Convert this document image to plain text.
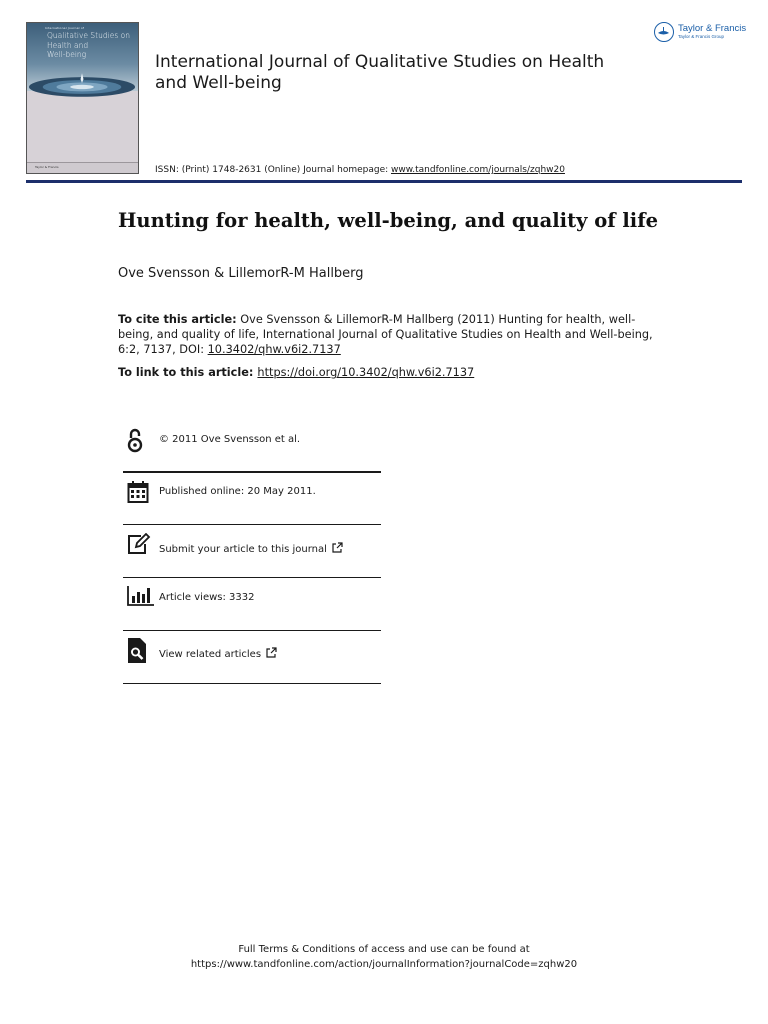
International Journal of
Qualitative Studies on
Health and
Well-being
Taylor & Francis
Taylor & Francis
Taylor & Francis Group
International Journal of Qualitative Studies on Health and Well-being
ISSN: (Print) 1748-2631 (Online) Journal homepage: www.tandfonline.com/journals/zqhw20
Hunting for health, well-being, and quality of life
Ove Svensson & LillemorR-M Hallberg
To cite this article: Ove Svensson & LillemorR-M Hallberg (2011) Hunting for health, well-being, and quality of life, International Journal of Qualitative Studies on Health and Well-being, 6:2, 7137, DOI: 10.3402/qhw.v6i2.7137
To link to this article: https://doi.org/10.3402/qhw.v6i2.7137
© 2011 Ove Svensson et al.
Published online: 20 May 2011.
Submit your article to this journal
Article views: 3332
View related articles
Full Terms & Conditions of access and use can be found at
https://www.tandfonline.com/action/journalInformation?journalCode=zqhw20
